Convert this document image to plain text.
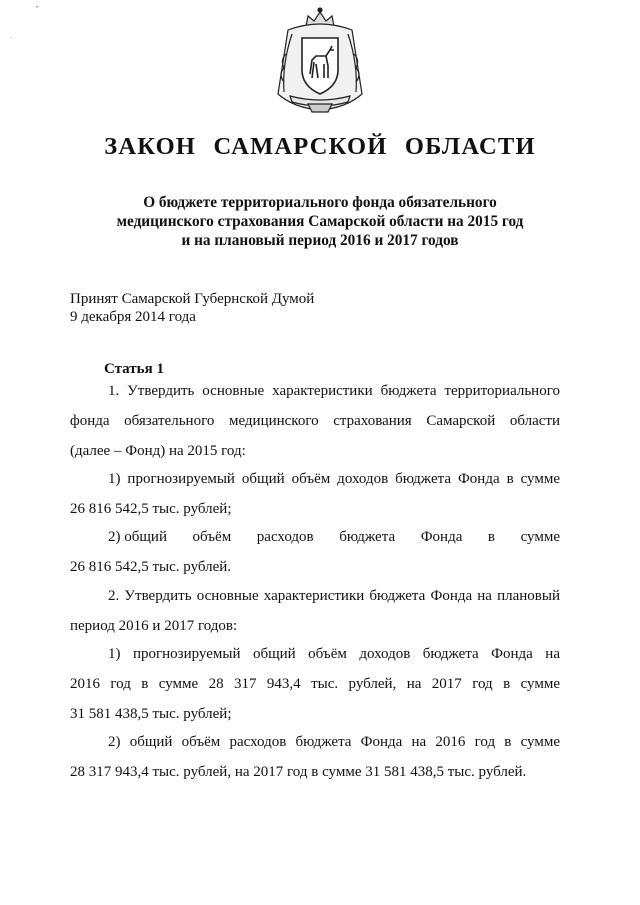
•
·
ЗАКОН САМАРСКОЙ ОБЛАСТИ
О бюджете территориального фонда обязательного
медицинского страхования Самарской области на 2015 год
и на плановый период 2016 и 2017 годов
Принят Самарской Губернской Думой
9 декабря 2014 года
Статья 1
1. Утвердить основные характеристики бюджета территориального
фонда обязательного медицинского страхования Самарской области
(далее – Фонд) на 2015 год:
1) прогнозируемый общий объём доходов бюджета Фонда в сумме
26 816 542,5 тыс. рублей;
2) общий объём расходов бюджета Фонда в сумме
26 816 542,5 тыс. рублей.
2. Утвердить основные характеристики бюджета Фонда на плановый
период 2016 и 2017 годов:
1) прогнозируемый общий объём доходов бюджета Фонда на
2016 год в сумме 28 317 943,4 тыс. рублей, на 2017 год в сумме
31 581 438,5 тыс. рублей;
2) общий объём расходов бюджета Фонда на 2016 год в сумме
28 317 943,4 тыс. рублей, на 2017 год в сумме 31 581 438,5 тыс. рублей.
